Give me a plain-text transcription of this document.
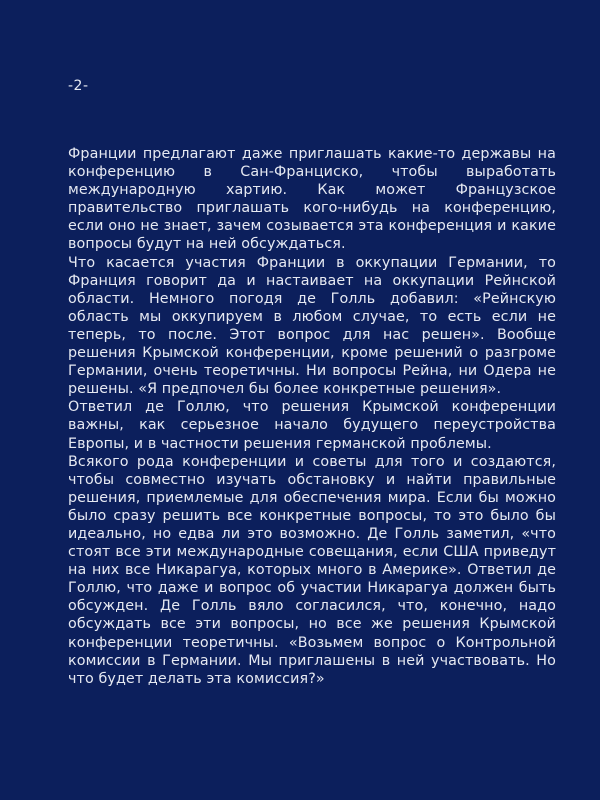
-2-

Франции предлагают даже приглашать какие-то державы на конференцию в Сан-Франциско, чтобы выработать международную хартию. Как может Французское правительство приглашать кого-нибудь на конференцию, если оно не знает, зачем созывается эта конференция и какие вопросы будут на ней обсуждаться.

Что касается участия Франции в оккупации Германии, то Франция говорит да и настаивает на оккупации Рейнской области. Немного погодя де Голль добавил: «Рейнскую область мы оккупируем в любом случае, то есть если не теперь, то после. Этот вопрос для нас решен». Вообще решения Крымской конференции, кроме решений о разгроме Германии, очень теоретичны. Ни вопросы Рейна, ни Одера не решены. «Я предпочел бы более конкретные решения».

Ответил де Голлю, что решения Крымской конференции важны, как серьезное начало будущего переустройства Европы, и в частности решения германской проблемы.

Всякого рода конференции и советы для того и создаются, чтобы совместно изучать обстановку и найти правильные решения, приемлемые для обеспечения мира. Если бы можно было сразу решить все конкретные вопросы, то это было бы идеально, но едва ли это возможно. Де Голль заметил, «что стоят все эти международные совещания, если США приведут на них все Никарагуа, которых много в Америке». Ответил де Голлю, что даже и вопрос об участии Никарагуа должен быть обсужден. Де Голль вяло согласился, что, конечно, надо обсуждать все эти вопросы, но все же решения Крымской конференции теоретичны. «Возьмем вопрос о Контрольной комиссии в Германии. Мы приглашены в ней участвовать. Но что будет делать эта комиссия?»
